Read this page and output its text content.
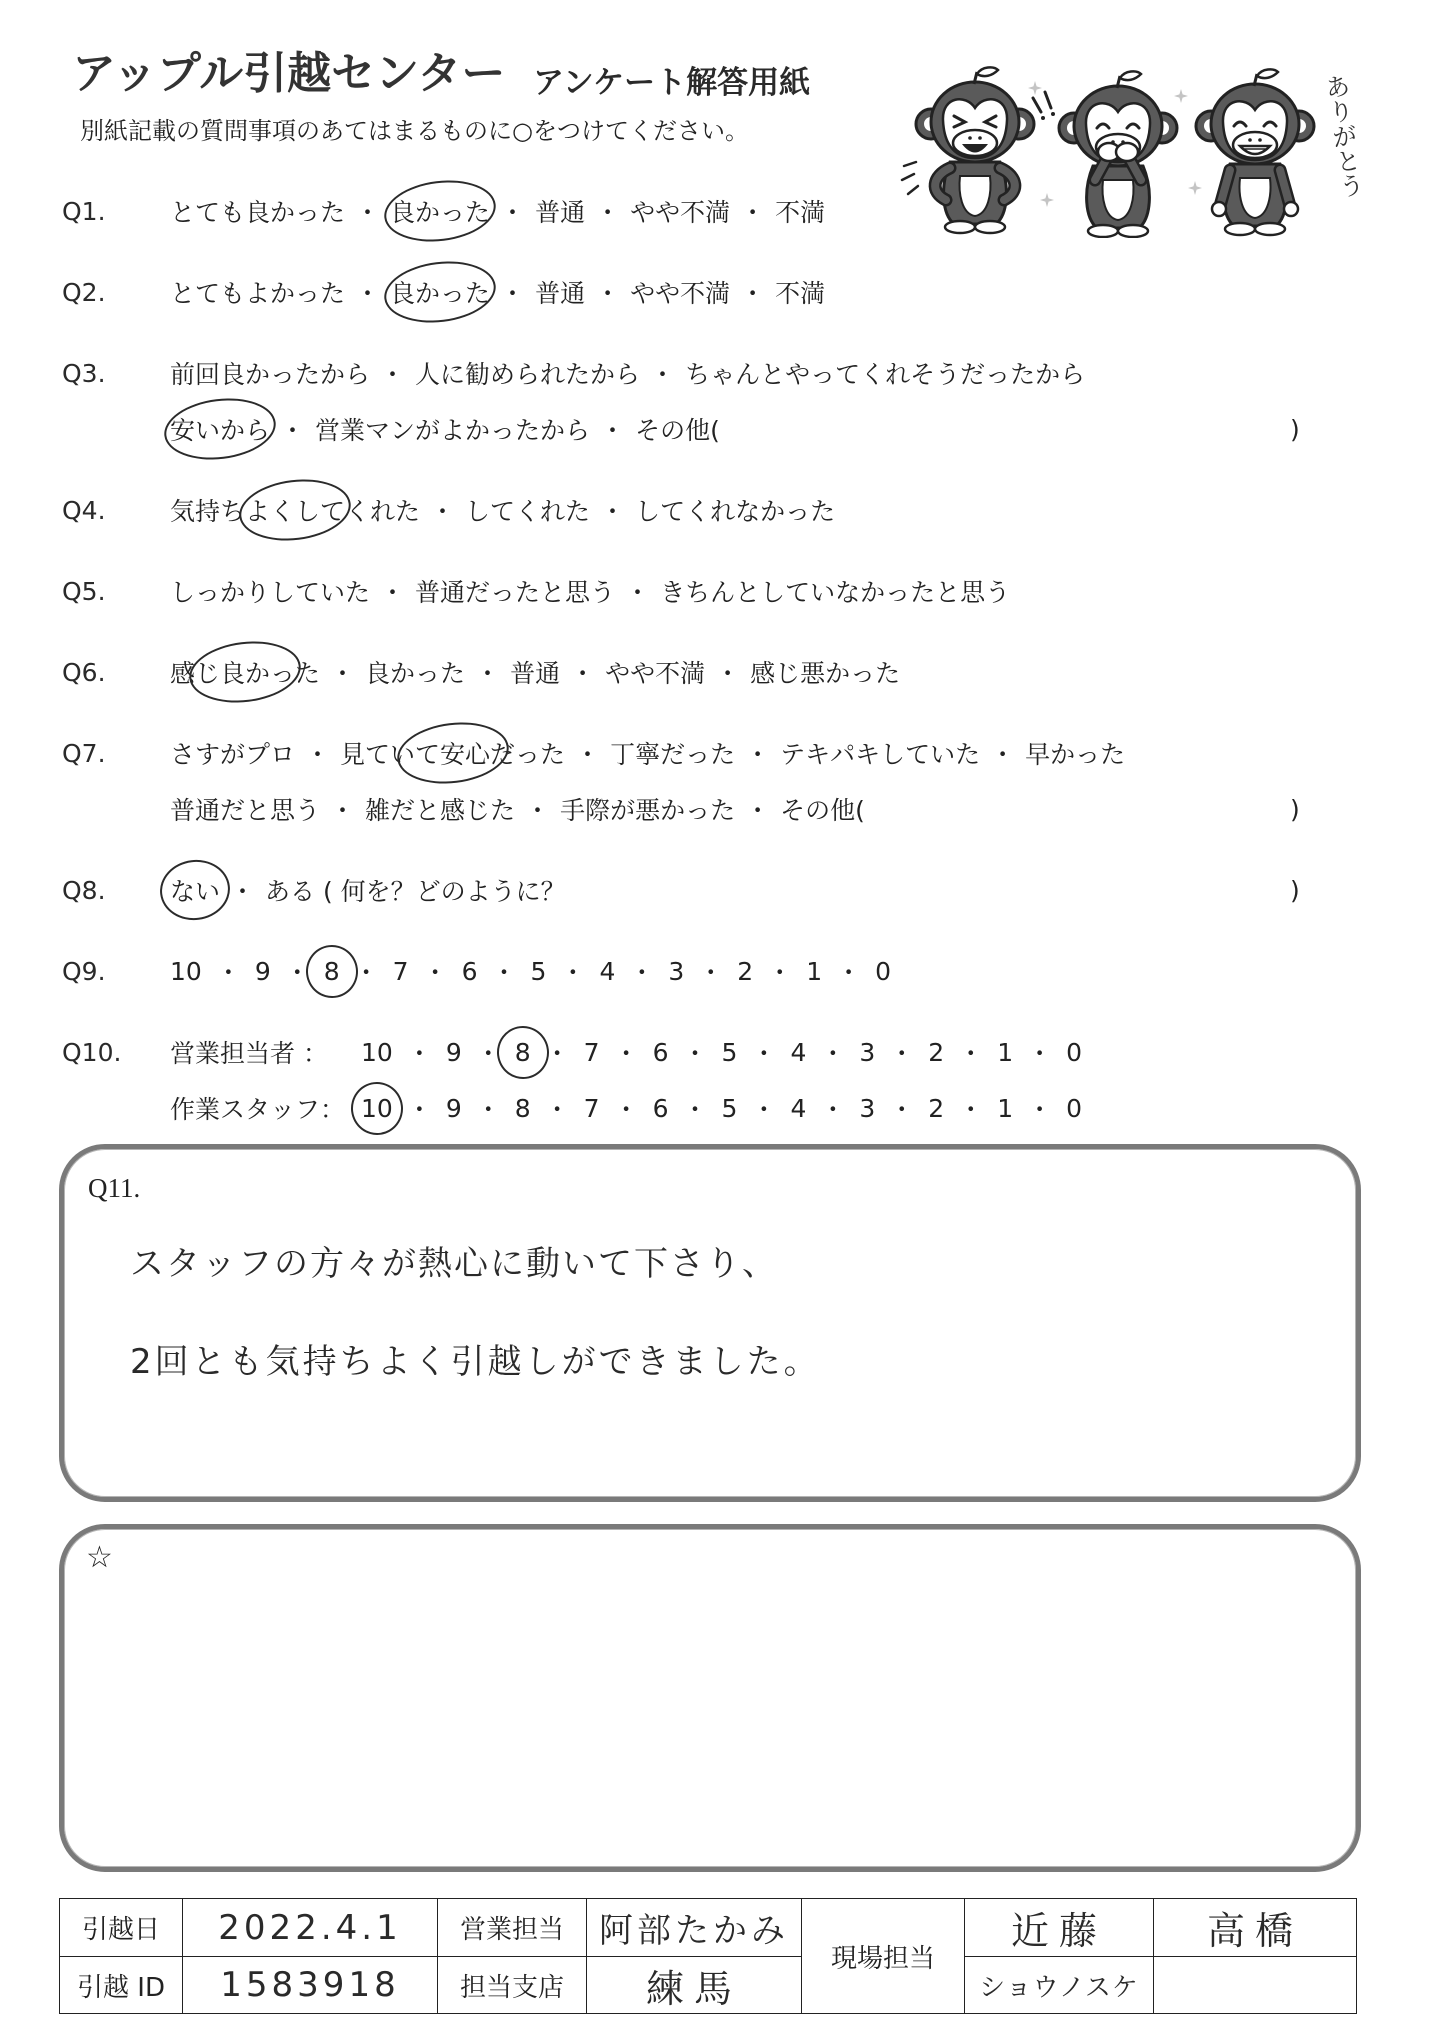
アップル引越センター アンケート解答用紙
別紙記載の質問事項のあてはまるものに○をつけてください。	ありがとう
Q1.	とても良かった ・ 良かった ・ 普通 ・ やや不満 ・ 不満
Q2.	とてもよかった ・ 良かった ・ 普通 ・ やや不満 ・ 不満
Q3.	前回良かったから ・ 人に勧められたから ・ ちゃんとやってくれそうだったから
安いから ・ 営業マンがよかったから ・ その他(	)
Q4.	気持ちよくしてくれた ・ してくれた ・ してくれなかった
Q5.	しっかりしていた ・ 普通だったと思う ・ きちんとしていなかったと思う
Q6.	感じ良かった ・ 良かった ・ 普通 ・ やや不満 ・ 感じ悪かった
Q7.	さすがプロ ・ 見ていて安心だった ・ 丁寧だった ・ テキパキしていた ・ 早かった
普通だと思う ・ 雑だと感じた ・ 手際が悪かった ・ その他(	)
Q8.	ない ・ ある ( 何を？どのように？	)
Q9.	10 ・ 9 ・ 8 ・ 7 ・ 6 ・ 5 ・ 4 ・ 3 ・ 2 ・ 1 ・ 0
Q10.	営業担当者 ：	10 ・ 9 ・ 8 ・ 7 ・ 6 ・ 5 ・ 4 ・ 3 ・ 2 ・ 1 ・ 0
作業スタッフ： 10 ・ 9 ・ 8 ・ 7 ・ 6 ・ 5 ・ 4 ・ 3 ・ 2 ・ 1 ・ 0
Q11.
スタッフの方々が熱心に動いて下さり、
2回とも気持ちよく引越しができました。
☆
引越日	2022.4.1	営業担当	阿部たかみ	現場担当	近藤	高橋
引越 ID	1583918	担当支店	練馬		ショウノスケ	
